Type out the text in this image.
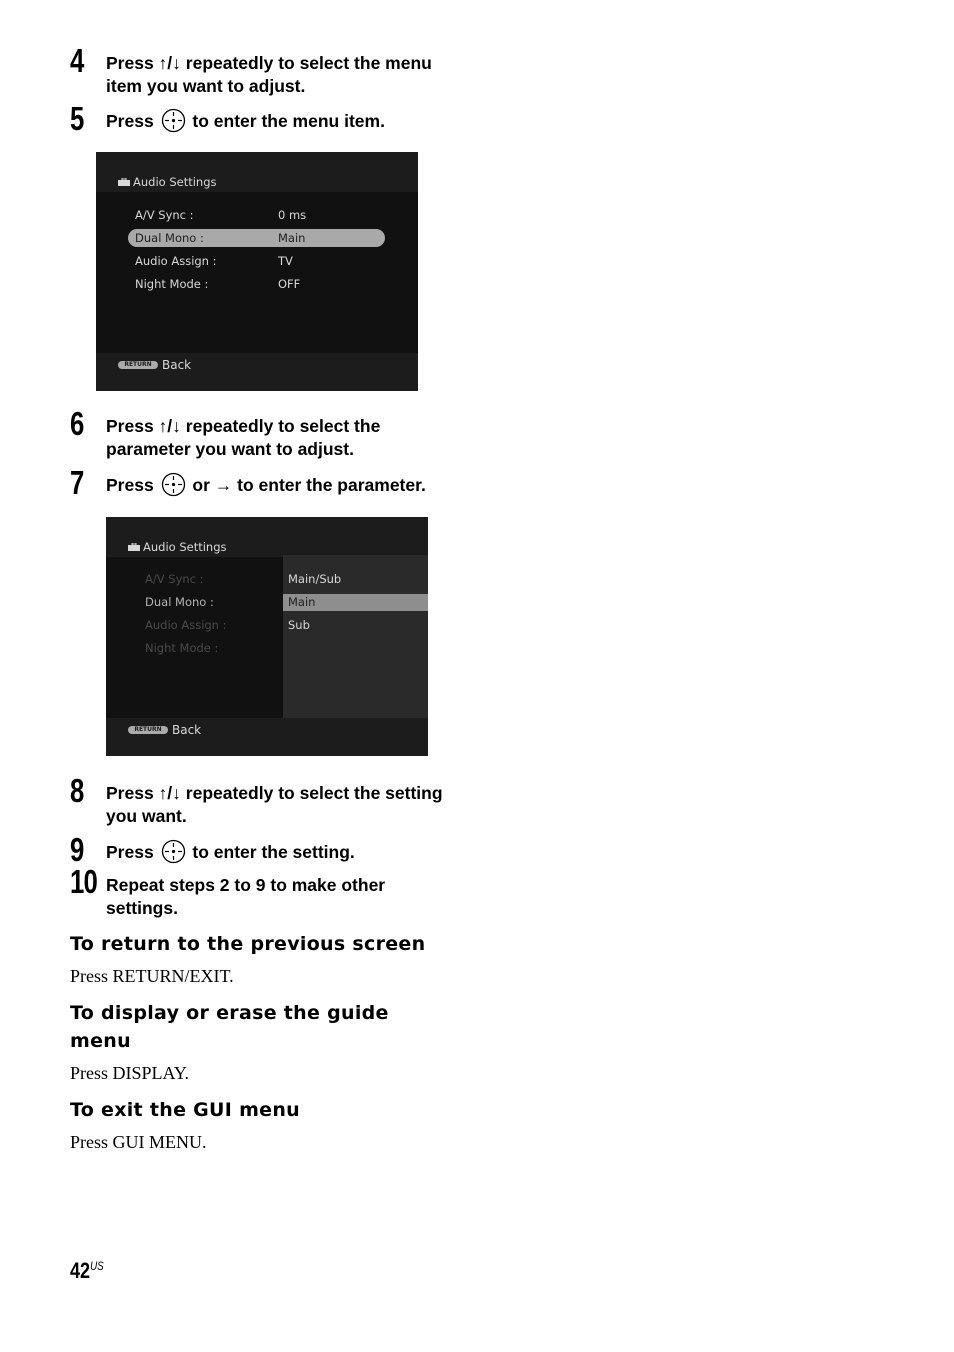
4 Press ↑/↓ repeatedly to select the menu item you want to adjust.
5 Press  to enter the menu item.
Audio Settings
A/V Sync :	0 ms
Dual Mono :	Main
Audio Assign :	TV
Night Mode :	OFF
RETURN Back
6 Press ↑/↓ repeatedly to select the parameter you want to adjust.
7 Press  or → to enter the parameter.
Audio Settings
A/V Sync :
Dual Mono :
Audio Assign :
Night Mode :
Main/Sub
Main
Sub
RETURN Back
8 Press ↑/↓ repeatedly to select the setting you want.
9 Press  to enter the setting.
10 Repeat steps 2 to 9 to make other settings.
To return to the previous screen

Press RETURN/EXIT.

To display or erase the guide menu

Press DISPLAY.

To exit the GUI menu

Press GUI MENU.

$42^{US}$
